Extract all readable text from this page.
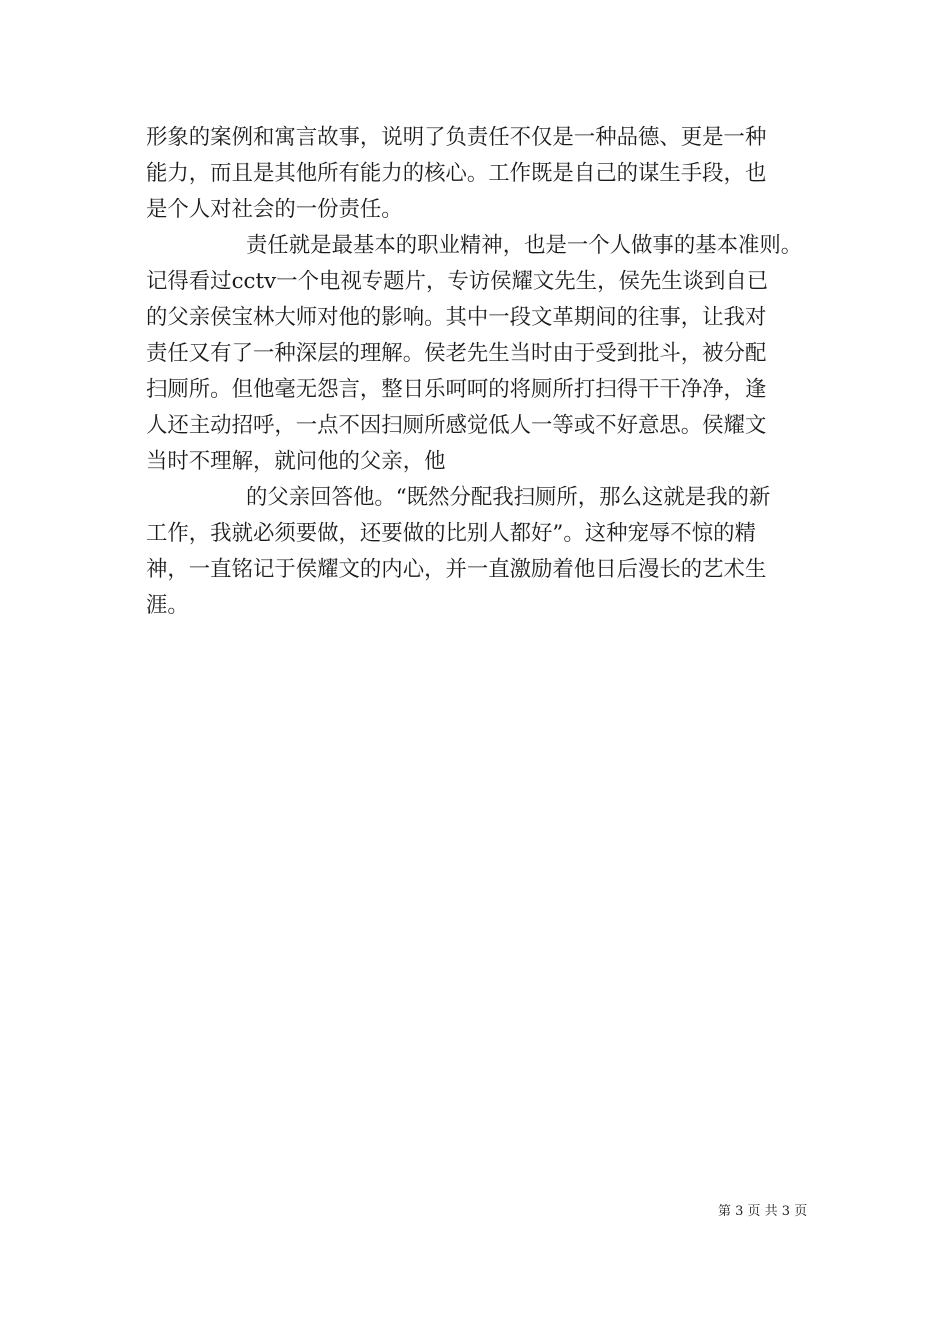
形象的案例和寓言故事，说明了负责任不仅是一种品德、更是一种
能力，而且是其他所有能力的核心。工作既是自己的谋生手段，也
是个人对社会的一份责任。
责任就是最基本的职业精神，也是一个人做事的基本准则。
记得看过cctv一个电视专题片，专访侯耀文先生，侯先生谈到自已
的父亲侯宝林大师对他的影响。其中一段文革期间的往事，让我对
责任又有了一种深层的理解。侯老先生当时由于受到批斗，被分配
扫厕所。但他毫无怨言，整日乐呵呵的将厕所打扫得干干净净，逢
人还主动招呼，一点不因扫厕所感觉低人一等或不好意思。侯耀文
当时不理解，就问他的父亲，他
的父亲回答他。“既然分配我扫厕所，那么这就是我的新
工作，我就必须要做，还要做的比别人都好”。这种宠辱不惊的精
神，一直铭记于侯耀文的内心，并一直激励着他日后漫长的艺术生
涯。
第 3 页 共 3 页
